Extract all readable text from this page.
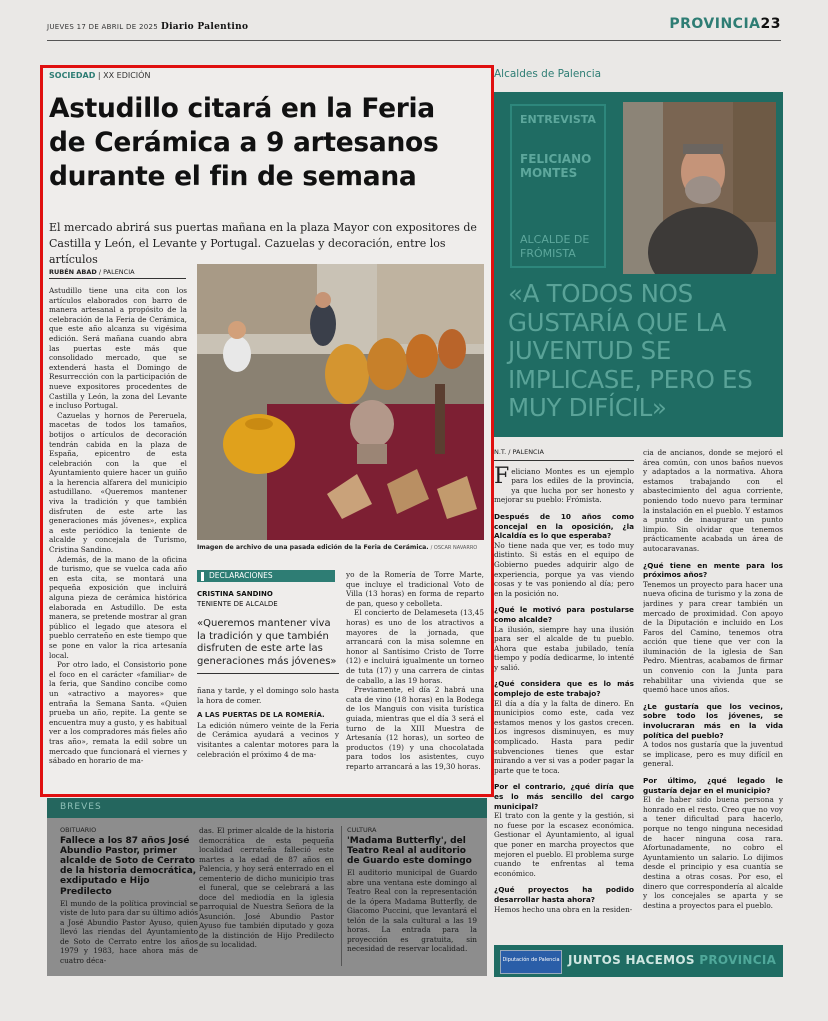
JUEVES 17 DE ABRIL DE 2025 Diario Palentino	PROVINCIA23
SOCIEDAD | XX EDICIÓN
Astudillo citará en la Feria de Cerámica a 9 artesanos durante el fin de semana
El mercado abrirá sus puertas mañana en la plaza Mayor con expositores de Castilla y León, el Levante y Portugal. Cazuelas y decoración, entre los artículos
RUBÉN ABAD / PALENCIA

Astudillo tiene una cita con los artículos elaborados con barro de manera artesanal a propósito de la celebración de la Feria de Cerámica, que este año alcanza su vigésima edición. Será mañana cuando abra las puertas este más que consolidado mercado, que se extenderá hasta el Domingo de Resurrección con la participación de nueve expositores procedentes de Castilla y León, la zona del Levante e incluso Portugal.

Cazuelas y hornos de Pereruela, macetas de todos los tamaños, botijos o artículos de decoración tendrán cabida en la plaza de España, epicentro de esta celebración con la que el Ayuntamiento quiere hacer un guiño a la herencia alfarera del municipio astudillano. «Queremos mantener viva la tradición y que también disfruten de este arte las generaciones más jóvenes», explica a este periódico la teniente de alcalde y concejala de Turismo, Cristina Sandino.

Además, de la mano de la oficina de turismo, que se vuelca cada año en esta cita, se montará una pequeña exposición que incluirá alguna pieza de cerámica histórica elaborada en Astudillo. De esta manera, se pretende mostrar al gran público el legado que atesora el pueblo cerrateño en este tiempo que se pone en valor la rica artesanía local.

Por otro lado, el Consistorio pone el foco en el carácter «familiar» de la feria, que Sandino concibe como un «atractivo a mayores» que entraña la Semana Santa. «Quien prueba un año, repite. La gente se encuentra muy a gusto, y es habitual ver a los compradores más fieles año tras año», remata la edil sobre un mercado que funcionará el viernes y sábado en horario de ma-

Imagen de archivo de una pasada edición de la Feria de Cerámica. / OSCAR NAVARRO
DECLARACIONES
CRISTINA SANDINO
TENIENTE DE ALCALDE
«Queremos mantener viva la tradición y que también disfruten de este arte las generaciones más jóvenes»

ñana y tarde, y el domingo solo hasta la hora de comer.

A LAS PUERTAS DE LA ROMERÍA.

La edición número veinte de la Feria de Cerámica ayudará a vecinos y visitantes a calentar motores para la celebración el próximo 4 de ma-

yo de la Romería de Torre Marte, que incluye el tradicional Voto de Villa (13 horas) en forma de reparto de pan, queso y cebolleta.

El concierto de Delameseta (13,45 horas) es uno de los atractivos a mayores de la jornada, que arrancará con la misa solemne en honor al Santísimo Cristo de Torre (12) e incluirá igualmente un torneo de tuta (17) y una carrera de cintas de caballo, a las 19 horas.

Previamente, el día 2 habrá una cata de vino (18 horas) en la Bodega de los Manguis con visita turística guiada, mientras que el día 3 será el turno de la XIII Muestra de Artesanía (12 horas), un sorteo de productos (19) y una chocolatada para todos los asistentes, cuyo reparto arrancará a las 19,30 horas.

Alcaldes de Palencia
ENTREVISTA
FELICIANO MONTES
ALCALDE DE FRÓMISTA
«A TODOS NOS GUSTARÍA QUE LA JUVENTUD SE IMPLICASE, PERO ES MUY DIFÍCIL»
N.T. / PALENCIA

Feliciano Montes es un ejemplo para los ediles de la provincia, ya que lucha por ser honesto y mejorar su pueblo: Frómista.

Después de 10 años como concejal en la oposición, ¿la Alcaldía es lo que esperaba?

No tiene nada que ver, es todo muy distinto. Si estás en el equipo de Gobierno puedes adquirir algo de experiencia, porque ya vas viendo cosas y te vas poniendo al día; pero en la posición no.

¿Qué le motivó para postularse como alcalde?

La ilusión, siempre hay una ilusión para ser el alcalde de tu pueblo. Ahora que estaba jubilado, tenía tiempo y podía dedicarme, lo intenté y salió.

¿Qué considera que es lo más complejo de este trabajo?

El día a día y la falta de dinero. En municipios como este, cada vez estamos menos y los gastos crecen. Los ingresos disminuyen, es muy complicado. Hasta para pedir subvenciones tienes que estar mirando a ver si vas a poder pagar la parte que te toca.

Por el contrario, ¿qué diría que es lo más sencillo del cargo municipal?

El trato con la gente y la gestión, si no fuese por la escasez económica. Gestionar el Ayuntamiento, al igual que poner en marcha proyectos que mejoren el pueblo. El problema surge cuando te enfrentas al tema económico.

¿Qué proyectos ha podido desarrollar hasta ahora?

Hemos hecho una obra en la residen-

cia de ancianos, donde se mejoró el área común, con unos baños nuevos y adaptados a la normativa. Ahora estamos trabajando con el abastecimiento del agua corriente, poniendo todo nuevo para terminar la instalación en el pueblo. Y estamos a punto de inaugurar un punto limpio. Sin olvidar que tenemos prácticamente acabada un área de autocaravanas.

¿Qué tiene en mente para los próximos años?

Tenemos un proyecto para hacer una nueva oficina de turismo y la zona de jardines y para crear también un mercado de proximidad. Con apoyo de la Diputación e incluido en Los Faros del Camino, tenemos otra acción que tiene que ver con la iluminación de la iglesia de San Pedro. Mientras, acabamos de firmar un convenio con la Junta para rehabilitar una vivienda que se quemó hace unos años.

¿Le gustaría que los vecinos, sobre todo los jóvenes, se involucraran más en la vida política del pueblo?

A todos nos gustaría que la juventud se implicase, pero es muy difícil en general.

Por último, ¿qué legado le gustaría dejar en el municipio?

El de haber sido buena persona y honrado en el resto. Creo que no voy a tener dificultad para hacerlo, porque no tengo ninguna necesidad de hacer ninguna cosa rara. Afortunadamente, no cobro el Ayuntamiento un salario. Lo dijimos desde el principio y esa cuantía se destina a otras cosas. Por eso, el dinero que correspondería al alcalde y los concejales se aparta y se destina a proyectos para el pueblo.

Diputación de Palencia JUNTOS HACEMOS PROVINCIA
BREVES
OBITUARIO
Fallece a los 87 años José Abundio Pastor, primer alcalde de Soto de Cerrato de la historia democrática, exdiputado e Hijo Predilecto

El mundo de la política provincial se viste de luto para dar su último adiós a José Abundio Pastor Ayuso, quien llevó las riendas del Ayuntamiento de Soto de Cerrato entre los años 1979 y 1983, hace ahora más de cuatro déca-

das. El primer alcalde de la historia democrática de esta pequeña localidad cerrateña falleció este martes a la edad de 87 años en Palencia, y hoy será enterrado en el cementerio de dicho municipio tras el funeral, que se celebrará a las doce del mediodía en la iglesia parroquial de Nuestra Señora de la Asunción. José Abundio Pastor Ayuso fue también diputado y goza de la distinción de Hijo Predilecto de su localidad.

CULTURA
'Madama Butterfly', del Teatro Real al auditorio de Guardo este domingo

El auditorio municipal de Guardo abre una ventana este domingo al Teatro Real con la representación de la ópera Madama Butterfly, de Giacomo Puccini, que levantará el telón de la sala cultural a las 19 horas. La entrada para la proyección es gratuita, sin necesidad de reservar localidad.
